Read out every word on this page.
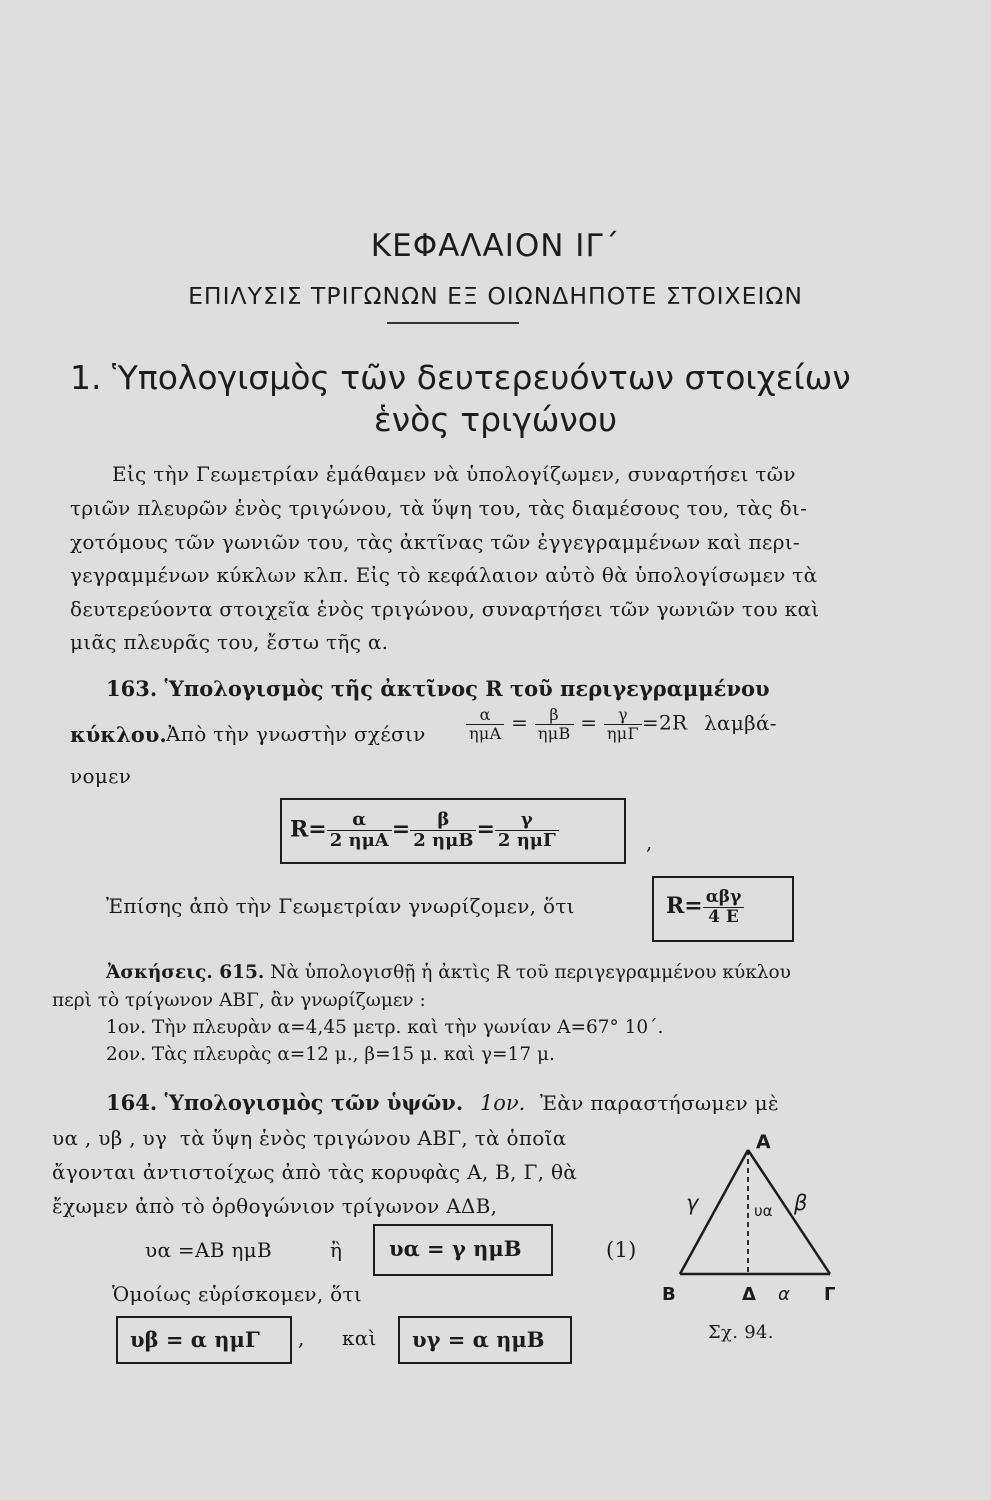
ΚΕΦΑΛΑΙΟΝ ΙΓ΄
ΕΠΙΛΥΣΙΣ ΤΡΙΓΩΝΩΝ ΕΞ ΟΙΩΝΔΗΠΟΤΕ ΣΤΟΙΧΕΙΩΝ
1. Ὑπολογισμὸς τῶν δευτερευόντων στοιχείων
ἑνὸς τριγώνου
Εἰς τὴν Γεωμετρίαν ἐμάθαμεν νὰ ὑπολογίζωμεν, συναρτήσει τῶν
τριῶν πλευρῶν ἑνὸς τριγώνου, τὰ ὕψη του, τὰς διαμέσους του, τὰς δι-
χοτόμους τῶν γωνιῶν του, τὰς ἀκτῖνας τῶν ἐγγεγραμμένων καὶ περι-
γεγραμμένων κύκλων κλπ. Εἰς τὸ κεφάλαιον αὐτὸ θὰ ὑπολογίσωμεν τὰ
δευτερεύοντα στοιχεῖα ἑνὸς τριγώνου, συναρτήσει τῶν γωνιῶν του καὶ
μιᾶς πλευρᾶς του, ἔστω τῆς α.
163. Ὑπολογισμὸς τῆς ἀκτῖνος R τοῦ περιγεγραμμένου
κύκλου. Ἀπὸ τὴν γνωστὴν σχέσιν	$\frac{\alpha}{\text{ημΑ}} = \frac{\beta}{\text{ημΒ}} = \frac{\gamma}{\text{ημΓ}} =2R$ λαμβά-
νομεν
$R= \frac{\alpha}{\text{2 ημΑ}} = \frac{\beta}{\text{2 ημΒ}} = \frac{\gamma}{\text{2 ημΓ}}$	,
Ἐπίσης ἀπὸ τὴν Γεωμετρίαν γνωρίζομεν, ὅτι	$R= \frac{\text{αβγ}}{4 E}$
Ἀσκήσεις. 615. Νὰ ὑπολογισθῇ ἡ ἀκτὶς R τοῦ περιγεγραμμένου κύκλου
περὶ τὸ τρίγωνον ΑΒΓ, ἂν γνωρίζωμεν :
1ον. Τὴν πλευρὰν α=4,45 μετρ. καὶ τὴν γωνίαν Α=67° 10΄.
2ον. Τὰς πλευρὰς α=12 μ., β=15 μ. καὶ γ=17 μ.
164. Ὑπολογισμὸς τῶν ὑψῶν. 1ον. Ἐὰν παραστήσωμεν μὲ
υα , υβ , υγ τὰ ὕψη ἑνὸς τριγώνου ΑΒΓ, τὰ ὁποῖα
ἄγονται ἀντιστοίχως ἀπὸ τὰς κορυφὰς Α, Β, Γ, θὰ
ἔχωμεν ἀπὸ τὸ ὀρθογώνιον τρίγωνον ΑΔΒ,
υα =ΑΒ ημΒ	ἢ υα = γ ημΒ	(1)
Ὁμοίως εὑρίσκομεν, ὅτι
υβ = α ημΓ , καὶ υγ = α ημΒ
Α
Β	Γ
Δ α
γ	β
υα
Σχ. 94.
